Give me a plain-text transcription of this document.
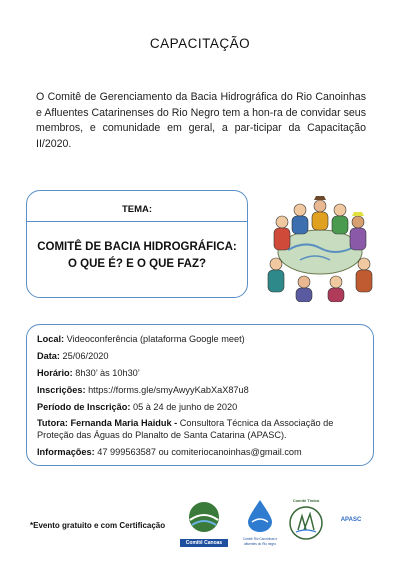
CAPACITAÇÃO
O Comitê de Gerenciamento da Bacia Hidrográfica do Rio Canoinhas e Afluentes Catarinenses do Rio Negro tem a hon-ra de convidar seus membros, e comunidade em geral, a par-ticipar da Capacitação II/2020.
TEMA:
COMITÊ DE BACIA HIDROGRÁFICA:
O QUE É? E O QUE FAZ?
Local: Videoconferência (plataforma Google meet)
Data: 25/06/2020
Horário: 8h30’ às 10h30’
Inscrições: https://forms.gle/smyAwyyKabXaX87u8
Período de Inscrição: 05 à 24 de junho de 2020
Tutora: Fernanda Maria Haiduk - Consultora Técnica da Associação de Proteção das Águas do Planalto de Santa Catarina (APASC).
Informações: 47 999563587 ou comiteriocanoinhas@gmail.com
*Evento gratuito e com Certificação
Comitê Canoas
Comitê Rio Canoinhas e afluentes do Rio negro
Comitê Timbó
APASC
